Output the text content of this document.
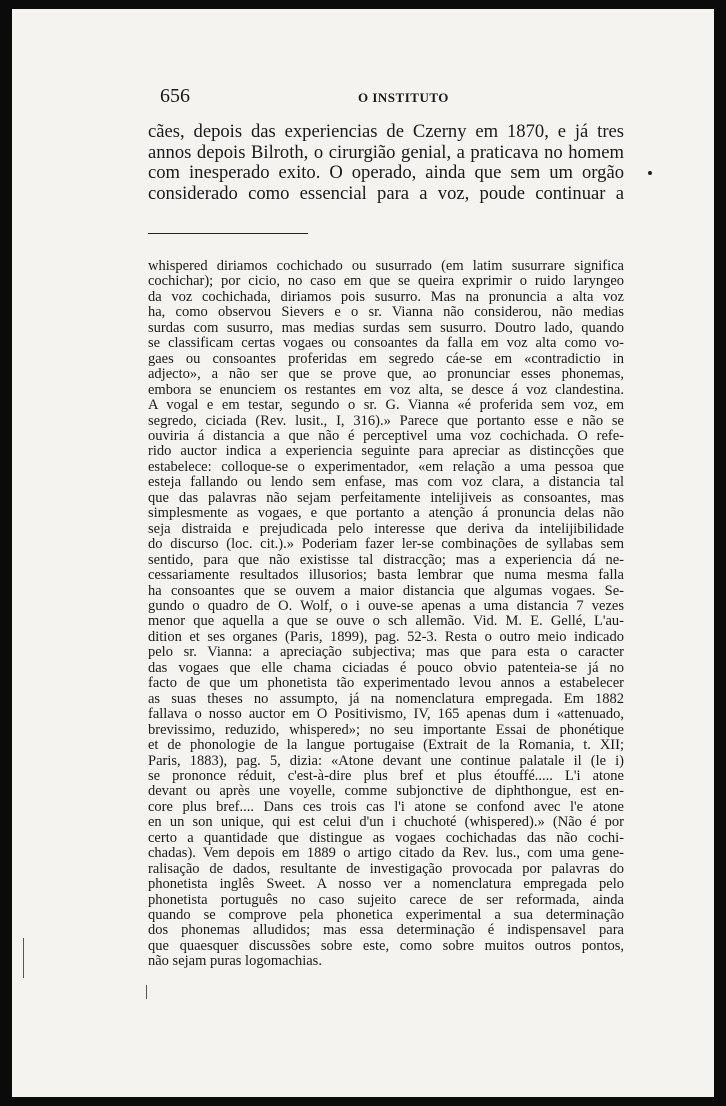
656	O INSTITUTO

cães, depois das experiencias de Czerny em 1870, e já tres

annos depois Bilroth, o cirurgião genial, a praticava no homem

com inesperado exito. O operado, ainda que sem um orgão

considerado como essencial para a voz, poude continuar a

whispered diriamos cochichado ou susurrado (em latim susurrare significa
cochichar); por cicio, no caso em que se queira exprimir o ruido laryngeo
da voz cochichada, diriamos pois susurro. Mas na pronuncia a alta voz
ha, como observou Sievers e o sr. Vianna não considerou, não medias
surdas com susurro, mas medias surdas sem susurro. Doutro lado, quando
se classificam certas vogaes ou consoantes da falla em voz alta como vo-
gaes ou consoantes proferidas em segredo cáe-se em «contradictio in
adjecto», a não ser que se prove que, ao pronunciar esses phonemas,
embora se enunciem os restantes em voz alta, se desce á voz clandestina.
A vogal e em testar, segundo o sr. G. Vianna «é proferida sem voz, em
segredo, ciciada (Rev. lusit., I, 316).» Parece que portanto esse e não se
ouviria á distancia a que não é perceptivel uma voz cochichada. O refe-
rido auctor indica a experiencia seguinte para apreciar as distincções que
estabelece: colloque-se o experimentador, «em relação a uma pessoa que
esteja fallando ou lendo sem enfase, mas com voz clara, a distancia tal
que das palavras não sejam perfeitamente intelijiveis as consoantes, mas
simplesmente as vogaes, e que portanto a atenção á pronuncia delas não
seja distraida e prejudicada pelo interesse que deriva da intelijibilidade
do discurso (loc. cit.).» Poderiam fazer ler-se combinações de syllabas sem
sentido, para que não existisse tal distracção; mas a experiencia dá ne-
cessariamente resultados illusorios; basta lembrar que numa mesma falla
ha consoantes que se ouvem a maior distancia que algumas vogaes. Se-
gundo o quadro de O. Wolf, o i ouve-se apenas a uma distancia 7 vezes
menor que aquella a que se ouve o sch allemão. Vid. M. E. Gellé, L'au-
dition et ses organes (Paris, 1899), pag. 52-3. Resta o outro meio indicado
pelo sr. Vianna: a apreciação subjectiva; mas que para esta o caracter
das vogaes que elle chama ciciadas é pouco obvio patenteia-se já no
facto de que um phonetista tão experimentado levou annos a estabelecer
as suas theses no assumpto, já na nomenclatura empregada. Em 1882
fallava o nosso auctor em O Positivismo, IV, 165 apenas dum i «attenuado,
brevissimo, reduzido, whispered»; no seu importante Essai de phonétique
et de phonologie de la langue portugaise (Extrait de la Romania, t. XII;
Paris, 1883), pag. 5, dizia: «Atone devant une continue palatale il (le i)
se prononce réduit, c'est-à-dire plus bref et plus étouffé..... L'i atone
devant ou après une voyelle, comme subjonctive de diphthongue, est en-
core plus bref.... Dans ces trois cas l'i atone se confond avec l'e atone
en un son unique, qui est celui d'un i chuchoté (whispered).» (Não é por
certo a quantidade que distingue as vogaes cochichadas das não cochi-
chadas). Vem depois em 1889 o artigo citado da Rev. lus., com uma gene-
ralisação de dados, resultante de investigação provocada por palavras do
phonetista inglês Sweet. A nosso ver a nomenclatura empregada pelo
phonetista português no caso sujeito carece de ser reformada, ainda
quando se comprove pela phonetica experimental a sua determinação
dos phonemas alludidos; mas essa determinação é indispensavel para
que quaesquer discussões sobre este, como sobre muitos outros pontos,
não sejam puras logomachias.
